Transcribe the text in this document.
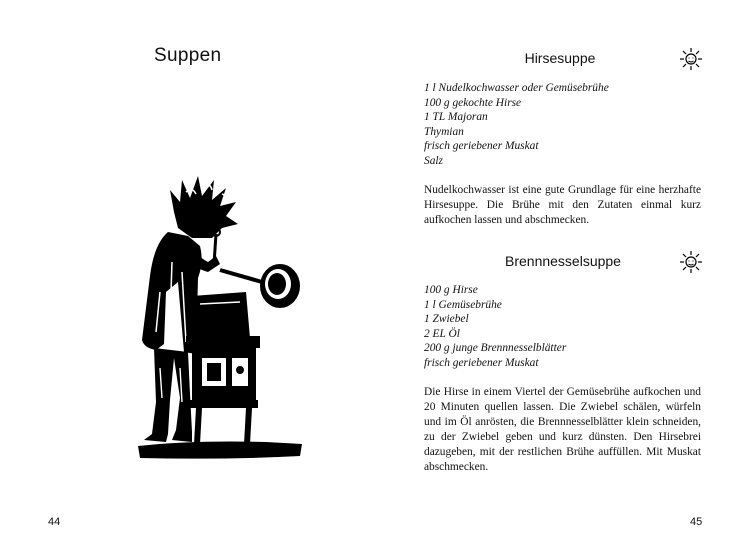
Suppen
44
Hirsesuppe
1 l Nudelkochwasser oder Gemüsebrühe
100 g gekochte Hirse
1 TL Majoran
Thymian
frisch geriebener Muskat
Salz

Nudelkochwasser ist eine gute Grundlage für eine herzhafte Hirsesuppe. Die Brühe mit den Zutaten einmal kurz aufkochen lassen und abschmecken.

Brennnesselsuppe
100 g Hirse
1 l Gemüsebrühe
1 Zwiebel
2 EL Öl
200 g junge Brennnesselblätter
frisch geriebener Muskat

Die Hirse in einem Viertel der Gemüsebrühe aufkochen und 20 Minuten quellen lassen. Die Zwiebel schälen, würfeln und im Öl anrösten, die Brennnesselblätter klein schneiden, zu der Zwiebel geben und kurz dünsten. Den Hirsebrei dazugeben, mit der restlichen Brühe auffüllen. Mit Muskat abschmecken.

45
